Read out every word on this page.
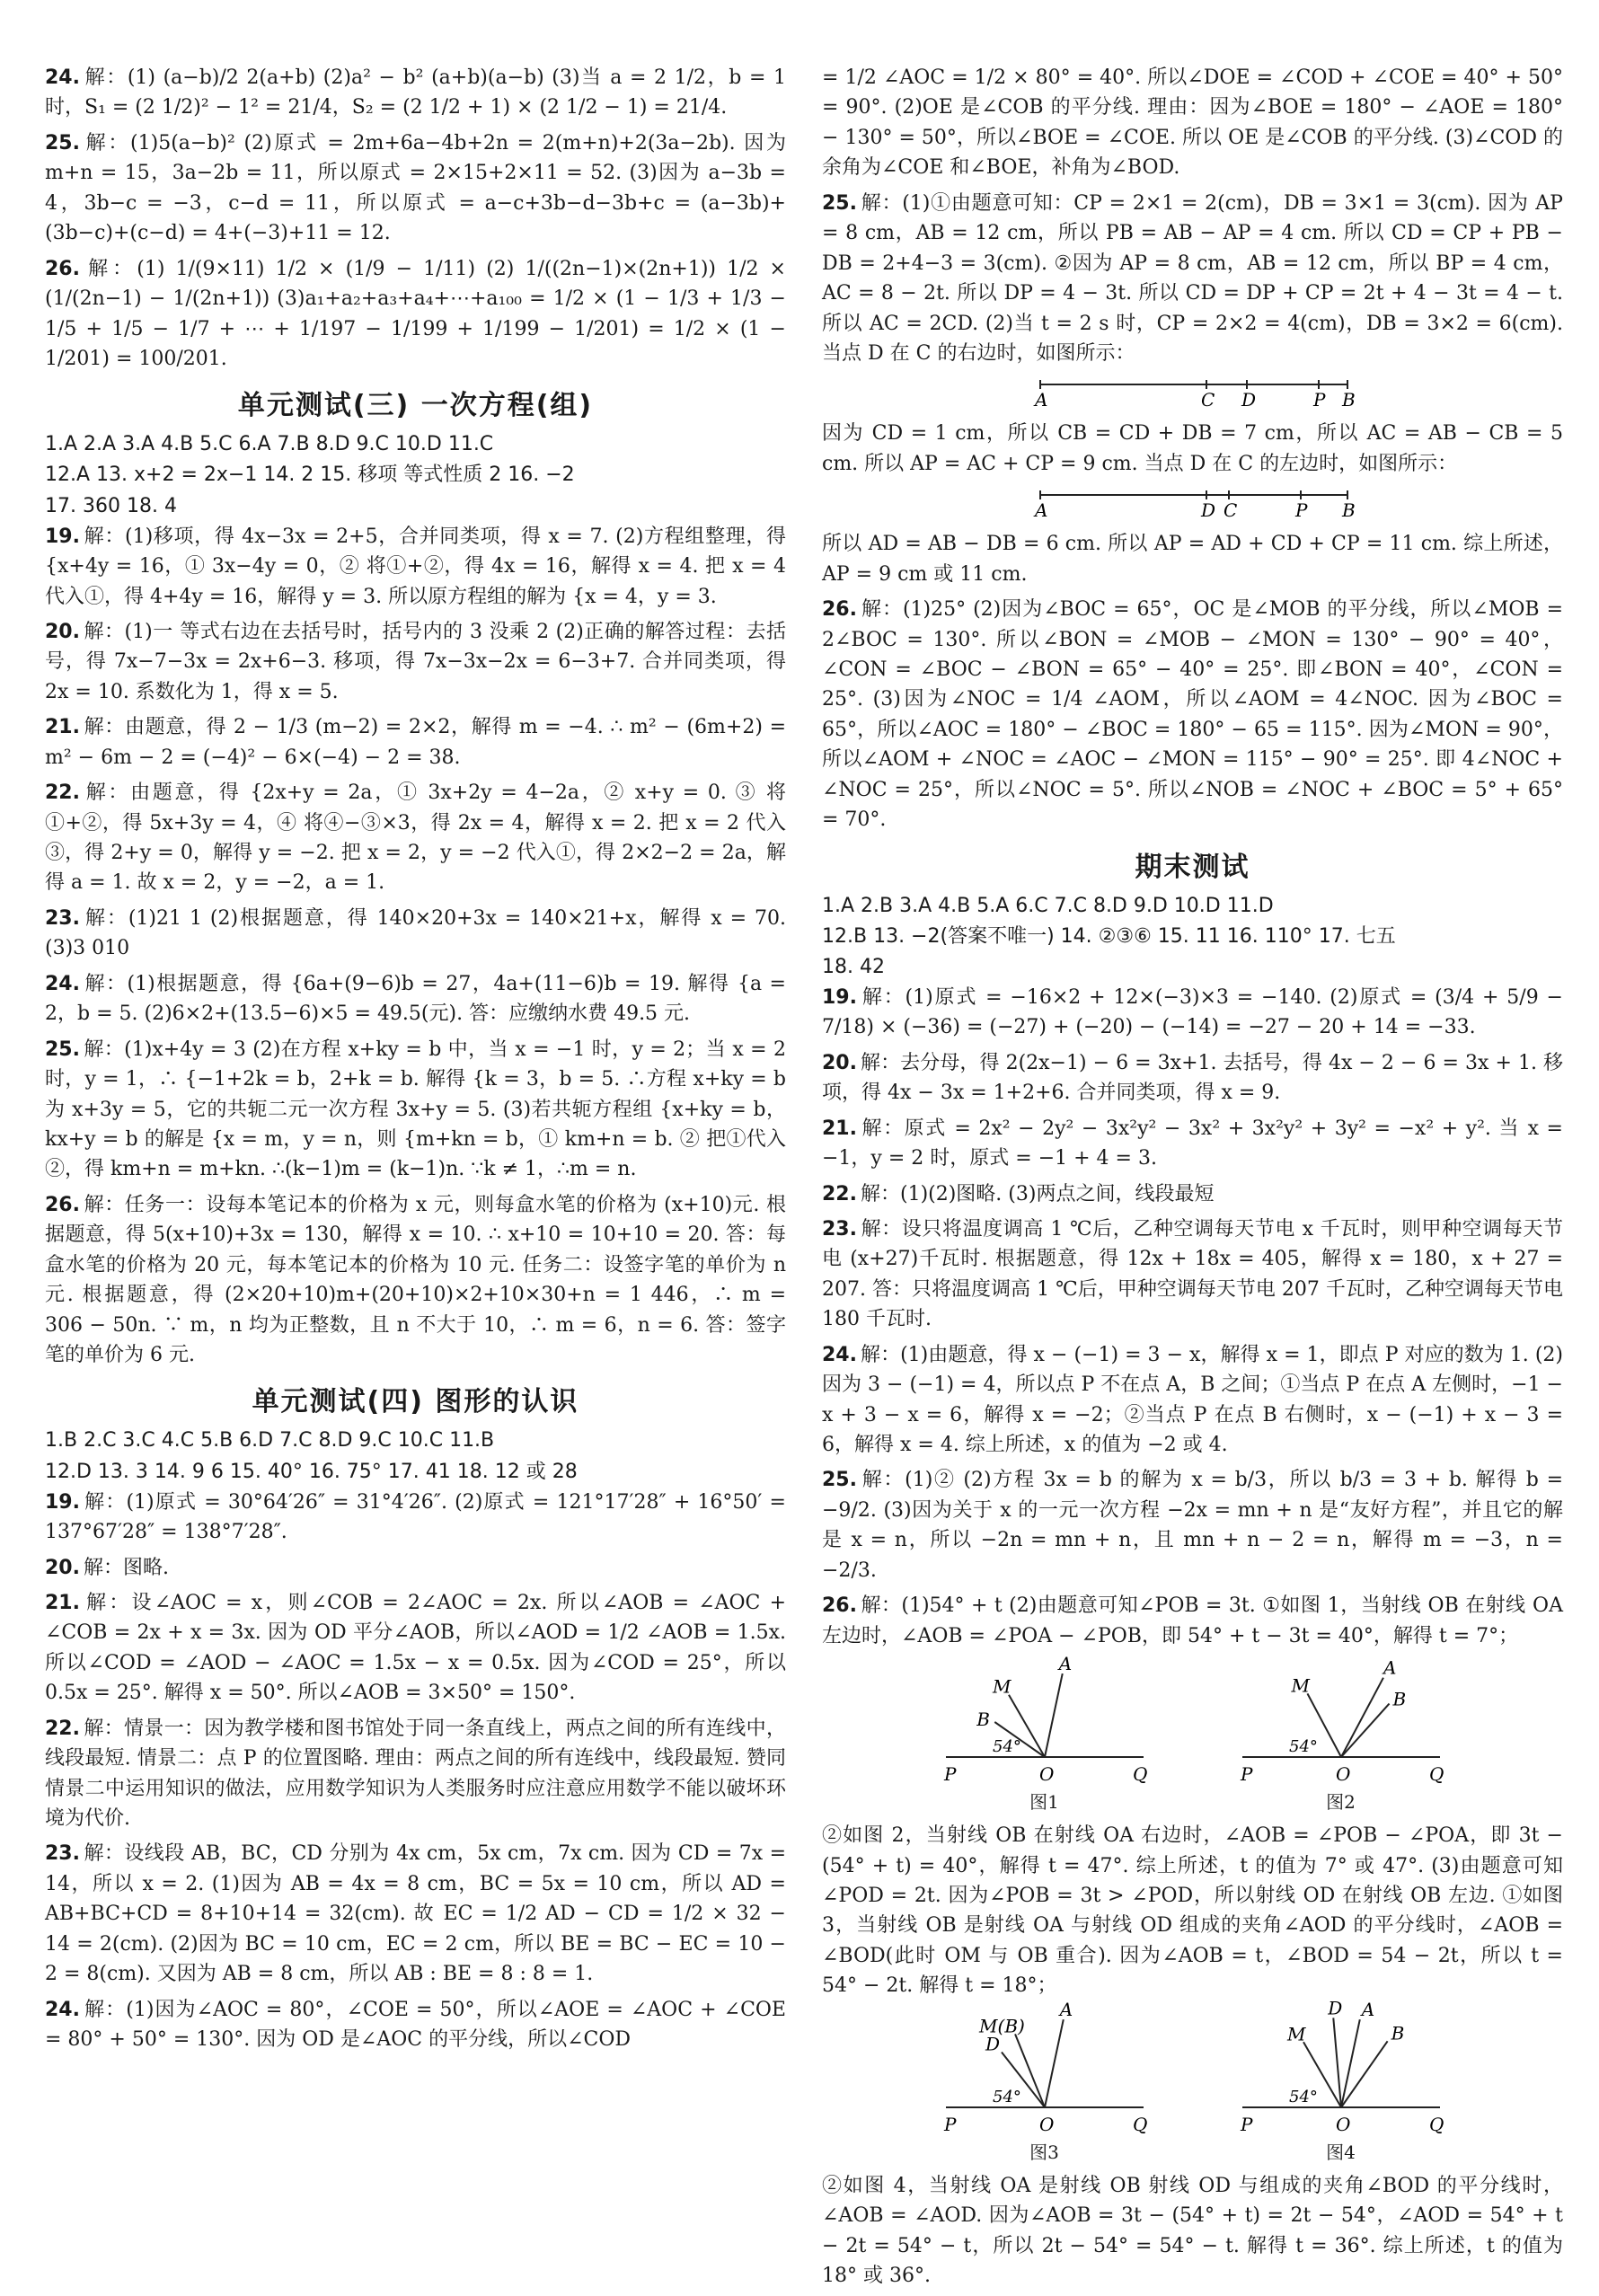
24. 解：(1) (a−b)/2 2(a+b) (2)a² − b² (a+b)(a−b) (3)当 a = 2 1/2，b = 1 时，S₁ = (2 1/2)² − 1² = 21/4，S₂ = (2 1/2 + 1) × (2 1/2 − 1) = 21/4.
25. 解：(1)5(a−b)² (2)原式 = 2m+6a−4b+2n = 2(m+n)+2(3a−2b). 因为 m+n = 15，3a−2b = 11，所以原式 = 2×15+2×11 = 52. (3)因为 a−3b = 4，3b−c = −3，c−d = 11，所以原式 = a−c+3b−d−3b+c = (a−3b)+(3b−c)+(c−d) = 4+(−3)+11 = 12.
26. 解：(1) 1/(9×11) 1/2 × (1/9 − 1/11) (2) 1/((2n−1)×(2n+1)) 1/2 × (1/(2n−1) − 1/(2n+1)) (3)a₁+a₂+a₃+a₄+⋯+a₁₀₀ = 1/2 × (1 − 1/3 + 1/3 − 1/5 + 1/5 − 1/7 + ⋯ + 1/197 − 1/199 + 1/199 − 1/201) = 1/2 × (1 − 1/201) = 100/201.
单元测试(三) 一次方程(组)
1.A 2.A 3.A 4.B 5.C 6.A 7.B 8.D 9.C 10.D 11.C
12.A 13. x+2 = 2x−1 14. 2 15. 移项 等式性质 2 16. −2
17. 360 18. 4
19. 解：(1)移项，得 4x−3x = 2+5，合并同类项，得 x = 7. (2)方程组整理，得 {x+4y = 16，① 3x−4y = 0，② 将①+②，得 4x = 16，解得 x = 4. 把 x = 4 代入①，得 4+4y = 16，解得 y = 3. 所以原方程组的解为 {x = 4，y = 3.
20. 解：(1)一 等式右边在去括号时，括号内的 3 没乘 2 (2)正确的解答过程：去括号，得 7x−7−3x = 2x+6−3. 移项，得 7x−3x−2x = 6−3+7. 合并同类项，得 2x = 10. 系数化为 1，得 x = 5.
21. 解：由题意，得 2 − 1/3 (m−2) = 2×2，解得 m = −4. ∴ m² − (6m+2) = m² − 6m − 2 = (−4)² − 6×(−4) − 2 = 38.
22. 解：由题意，得 {2x+y = 2a，① 3x+2y = 4−2a，② x+y = 0. ③ 将①+②，得 5x+3y = 4，④ 将④−③×3，得 2x = 4，解得 x = 2. 把 x = 2 代入③，得 2+y = 0，解得 y = −2. 把 x = 2，y = −2 代入①，得 2×2−2 = 2a，解得 a = 1. 故 x = 2，y = −2，a = 1.
23. 解：(1)21 1 (2)根据题意，得 140×20+3x = 140×21+x，解得 x = 70. (3)3 010
24. 解：(1)根据题意，得 {6a+(9−6)b = 27，4a+(11−6)b = 19. 解得 {a = 2，b = 5. (2)6×2+(13.5−6)×5 = 49.5(元). 答：应缴纳水费 49.5 元.
25. 解：(1)x+4y = 3 (2)在方程 x+ky = b 中，当 x = −1 时，y = 2；当 x = 2 时，y = 1，∴ {−1+2k = b，2+k = b. 解得 {k = 3，b = 5. ∴方程 x+ky = b 为 x+3y = 5，它的共轭二元一次方程 3x+y = 5. (3)若共轭方程组 {x+ky = b，kx+y = b 的解是 {x = m，y = n，则 {m+kn = b，① km+n = b. ② 把①代入②，得 km+n = m+kn. ∴(k−1)m = (k−1)n. ∵k ≠ 1，∴m = n.
26. 解：任务一：设每本笔记本的价格为 x 元，则每盒水笔的价格为 (x+10)元. 根据题意，得 5(x+10)+3x = 130，解得 x = 10. ∴ x+10 = 10+10 = 20. 答：每盒水笔的价格为 20 元，每本笔记本的价格为 10 元. 任务二：设签字笔的单价为 n 元. 根据题意，得 (2×20+10)m+(20+10)×2+10×30+n = 1 446，∴ m = 306 − 50n. ∵ m，n 均为正整数，且 n 不大于 10，∴ m = 6，n = 6. 答：签字笔的单价为 6 元.
单元测试(四) 图形的认识
1.B 2.C 3.C 4.C 5.B 6.D 7.C 8.D 9.C 10.C 11.B
12.D 13. 3 14. 9 6 15. 40° 16. 75° 17. 41 18. 12 或 28
19. 解：(1)原式 = 30°64′26″ = 31°4′26″. (2)原式 = 121°17′28″ + 16°50′ = 137°67′28″ = 138°7′28″.
20. 解：图略.
21. 解：设∠AOC = x，则∠COB = 2∠AOC = 2x. 所以∠AOB = ∠AOC + ∠COB = 2x + x = 3x. 因为 OD 平分∠AOB，所以∠AOD = 1/2 ∠AOB = 1.5x. 所以∠COD = ∠AOD − ∠AOC = 1.5x − x = 0.5x. 因为∠COD = 25°，所以 0.5x = 25°. 解得 x = 50°. 所以∠AOB = 3×50° = 150°.
22. 解：情景一：因为教学楼和图书馆处于同一条直线上，两点之间的所有连线中，线段最短. 情景二：点 P 的位置图略. 理由：两点之间的所有连线中，线段最短. 赞同情景二中运用知识的做法，应用数学知识为人类服务时应注意应用数学不能以破坏环境为代价.
23. 解：设线段 AB，BC，CD 分别为 4x cm，5x cm，7x cm. 因为 CD = 7x = 14，所以 x = 2. (1)因为 AB = 4x = 8 cm，BC = 5x = 10 cm，所以 AD = AB+BC+CD = 8+10+14 = 32(cm). 故 EC = 1/2 AD − CD = 1/2 × 32 − 14 = 2(cm). (2)因为 BC = 10 cm，EC = 2 cm，所以 BE = BC − EC = 10 − 2 = 8(cm). 又因为 AB = 8 cm，所以 AB : BE = 8 : 8 = 1.
24. 解：(1)因为∠AOC = 80°，∠COE = 50°，所以∠AOE = ∠AOC + ∠COE = 80° + 50° = 130°. 因为 OD 是∠AOC 的平分线，所以∠COD
= 1/2 ∠AOC = 1/2 × 80° = 40°. 所以∠DOE = ∠COD + ∠COE = 40° + 50° = 90°. (2)OE 是∠COB 的平分线. 理由：因为∠BOE = 180° − ∠AOE = 180° − 130° = 50°，所以∠BOE = ∠COE. 所以 OE 是∠COB 的平分线. (3)∠COD 的余角为∠COE 和∠BOE，补角为∠BOD.
25. 解：(1)①由题意可知：CP = 2×1 = 2(cm)，DB = 3×1 = 3(cm). 因为 AP = 8 cm，AB = 12 cm，所以 PB = AB − AP = 4 cm. 所以 CD = CP + PB − DB = 2+4−3 = 3(cm). ②因为 AP = 8 cm，AB = 12 cm，所以 BP = 4 cm，AC = 8 − 2t. 所以 DP = 4 − 3t. 所以 CD = DP + CP = 2t + 4 − 3t = 4 − t. 所以 AC = 2CD. (2)当 t = 2 s 时，CP = 2×2 = 4(cm)，DB = 3×2 = 6(cm). 当点 D 在 C 的右边时，如图所示：
A	C D	P B
因为 CD = 1 cm，所以 CB = CD + DB = 7 cm，所以 AC = AB − CB = 5 cm. 所以 AP = AC + CP = 9 cm. 当点 D 在 C 的左边时，如图所示：
A	D C	P B
所以 AD = AB − DB = 6 cm. 所以 AP = AD + CD + CP = 11 cm. 综上所述，AP = 9 cm 或 11 cm.
26. 解：(1)25° (2)因为∠BOC = 65°，OC 是∠MOB 的平分线，所以∠MOB = 2∠BOC = 130°. 所以∠BON = ∠MOB − ∠MON = 130° − 90° = 40°，∠CON = ∠BOC − ∠BON = 65° − 40° = 25°. 即∠BON = 40°，∠CON = 25°. (3)因为∠NOC = 1/4 ∠AOM，所以∠AOM = 4∠NOC. 因为∠BOC = 65°，所以∠AOC = 180° − ∠BOC = 180° − 65 = 115°. 因为∠MON = 90°，所以∠AOM + ∠NOC = ∠AOC − ∠MON = 115° − 90° = 25°. 即 4∠NOC + ∠NOC = 25°，所以∠NOC = 5°. 所以∠NOB = ∠NOC + ∠BOC = 5° + 65° = 70°.
期末测试
1.A 2.B 3.A 4.B 5.A 6.C 7.C 8.D 9.D 10.D 11.D
12.B 13. −2(答案不唯一) 14. ②③⑥ 15. 11 16. 110° 17. 七五
18. 42
19. 解：(1)原式 = −16×2 + 12×(−3)×3 = −140. (2)原式 = (3/4 + 5/9 − 7/18) × (−36) = (−27) + (−20) − (−14) = −27 − 20 + 14 = −33.
20. 解：去分母，得 2(2x−1) − 6 = 3x+1. 去括号，得 4x − 2 − 6 = 3x + 1. 移项，得 4x − 3x = 1+2+6. 合并同类项，得 x = 9.
21. 解：原式 = 2x² − 2y² − 3x²y² − 3x² + 3x²y² + 3y² = −x² + y². 当 x = −1，y = 2 时，原式 = −1 + 4 = 3.
22. 解：(1)(2)图略. (3)两点之间，线段最短
23. 解：设只将温度调高 1 ℃后，乙种空调每天节电 x 千瓦时，则甲种空调每天节电 (x+27)千瓦时. 根据题意，得 12x + 18x = 405，解得 x = 180，x + 27 = 207. 答：只将温度调高 1 ℃后，甲种空调每天节电 207 千瓦时，乙种空调每天节电 180 千瓦时.
24. 解：(1)由题意，得 x − (−1) = 3 − x，解得 x = 1，即点 P 对应的数为 1. (2)因为 3 − (−1) = 4，所以点 P 不在点 A，B 之间；①当点 P 在点 A 左侧时，−1 − x + 3 − x = 6，解得 x = −2；②当点 P 在点 B 右侧时，x − (−1) + x − 3 = 6，解得 x = 4. 综上所述，x 的值为 −2 或 4.
25. 解：(1)② (2)方程 3x = b 的解为 x = b/3，所以 b/3 = 3 + b. 解得 b = −9/2. (3)因为关于 x 的一元一次方程 −2x = mn + n 是“友好方程”，并且它的解是 x = n，所以 −2n = mn + n，且 mn + n − 2 = n，解得 m = −3，n = −2/3.
26. 解：(1)54° + t (2)由题意可知∠POB = 3t. ①如图 1，当射线 OB 在射线 OA 左边时，∠AOB = ∠POA − ∠POB，即 54° + t − 3t = 40°，解得 t = 7°；
A
M
B
P	O	Q
54°
图1
A
M
B
P	O	Q
54°
图2
②如图 2，当射线 OB 在射线 OA 右边时，∠AOB = ∠POB − ∠POA，即 3t − (54° + t) = 40°，解得 t = 47°. 综上所述，t 的值为 7° 或 47°. (3)由题意可知∠POD = 2t. 因为∠POB = 3t > ∠POD，所以射线 OD 在射线 OB 左边. ①如图 3，当射线 OB 是射线 OA 与射线 OD 组成的夹角∠AOD 的平分线时，∠AOB = ∠BOD(此时 OM 与 OB 重合). 因为∠AOB = t，∠BOD = 54 − 2t，所以 t = 54° − 2t. 解得 t = 18°；
A
M(B)
D
P	O	Q
54°
图3
D A
M	B
P	O	Q
54°
图4
②如图 4，当射线 OA 是射线 OB 射线 OD 与组成的夹角∠BOD 的平分线时，∠AOB = ∠AOD. 因为∠AOB = 3t − (54° + t) = 2t − 54°，∠AOD = 54° + t − 2t = 54° − t，所以 2t − 54° = 54° − t. 解得 t = 36°. 综上所述，t 的值为 18° 或 36°.
